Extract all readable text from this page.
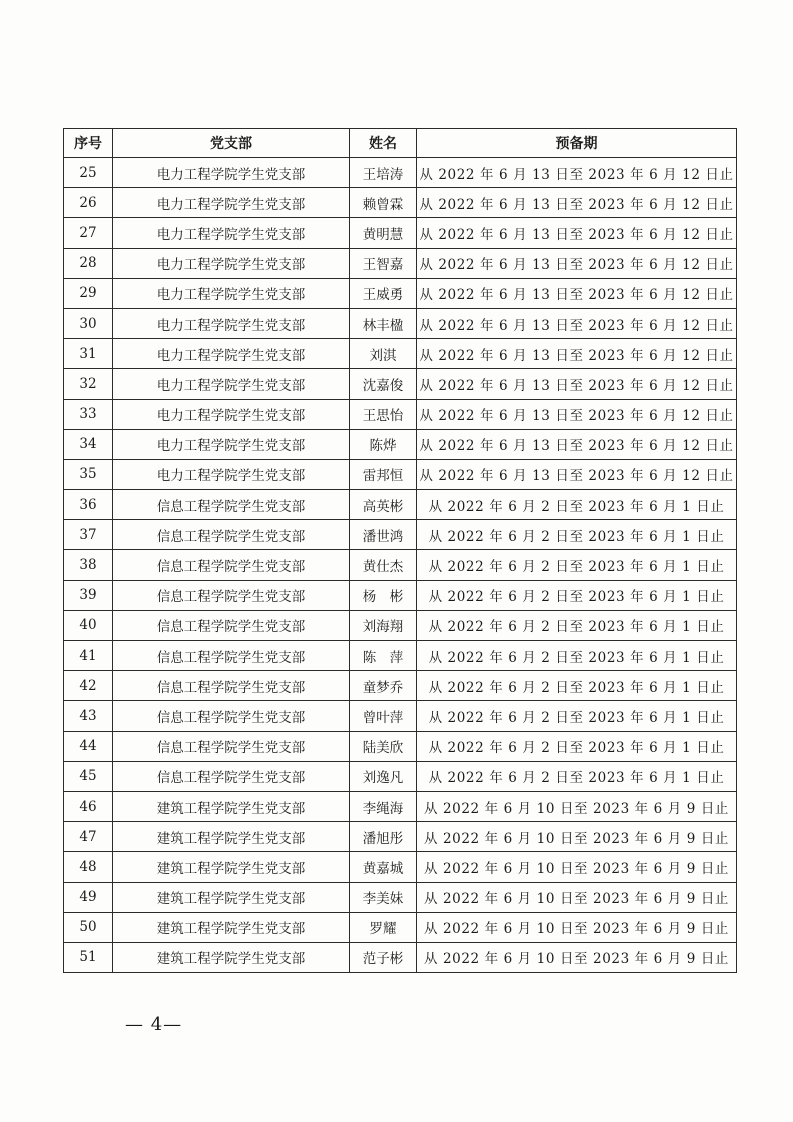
序号	党支部	姓名	预备期
25	电力工程学院学生党支部	王培涛	从 2022 年 6 月 13 日至 2023 年 6 月 12 日止
26	电力工程学院学生党支部	赖曾霖	从 2022 年 6 月 13 日至 2023 年 6 月 12 日止
27	电力工程学院学生党支部	黄明慧	从 2022 年 6 月 13 日至 2023 年 6 月 12 日止
28	电力工程学院学生党支部	王智嘉	从 2022 年 6 月 13 日至 2023 年 6 月 12 日止
29	电力工程学院学生党支部	王威勇	从 2022 年 6 月 13 日至 2023 年 6 月 12 日止
30	电力工程学院学生党支部	林丰楹	从 2022 年 6 月 13 日至 2023 年 6 月 12 日止
31	电力工程学院学生党支部	刘淇	从 2022 年 6 月 13 日至 2023 年 6 月 12 日止
32	电力工程学院学生党支部	沈嘉俊	从 2022 年 6 月 13 日至 2023 年 6 月 12 日止
33	电力工程学院学生党支部	王思怡	从 2022 年 6 月 13 日至 2023 年 6 月 12 日止
34	电力工程学院学生党支部	陈烨	从 2022 年 6 月 13 日至 2023 年 6 月 12 日止
35	电力工程学院学生党支部	雷邦恒	从 2022 年 6 月 13 日至 2023 年 6 月 12 日止
36	信息工程学院学生党支部	高英彬	从 2022 年 6 月 2 日至 2023 年 6 月 1 日止
37	信息工程学院学生党支部	潘世鸿	从 2022 年 6 月 2 日至 2023 年 6 月 1 日止
38	信息工程学院学生党支部	黄仕杰	从 2022 年 6 月 2 日至 2023 年 6 月 1 日止
39	信息工程学院学生党支部	杨　彬	从 2022 年 6 月 2 日至 2023 年 6 月 1 日止
40	信息工程学院学生党支部	刘海翔	从 2022 年 6 月 2 日至 2023 年 6 月 1 日止
41	信息工程学院学生党支部	陈　萍	从 2022 年 6 月 2 日至 2023 年 6 月 1 日止
42	信息工程学院学生党支部	童梦乔	从 2022 年 6 月 2 日至 2023 年 6 月 1 日止
43	信息工程学院学生党支部	曾叶萍	从 2022 年 6 月 2 日至 2023 年 6 月 1 日止
44	信息工程学院学生党支部	陆美欣	从 2022 年 6 月 2 日至 2023 年 6 月 1 日止
45	信息工程学院学生党支部	刘逸凡	从 2022 年 6 月 2 日至 2023 年 6 月 1 日止
46	建筑工程学院学生党支部	李绳海	从 2022 年 6 月 10 日至 2023 年 6 月 9 日止
47	建筑工程学院学生党支部	潘旭彤	从 2022 年 6 月 10 日至 2023 年 6 月 9 日止
48	建筑工程学院学生党支部	黄嘉城	从 2022 年 6 月 10 日至 2023 年 6 月 9 日止
49	建筑工程学院学生党支部	李美妹	从 2022 年 6 月 10 日至 2023 年 6 月 9 日止
50	建筑工程学院学生党支部	罗耀	从 2022 年 6 月 10 日至 2023 年 6 月 9 日止
51	建筑工程学院学生党支部	范子彬	从 2022 年 6 月 10 日至 2023 年 6 月 9 日止
— 4—
